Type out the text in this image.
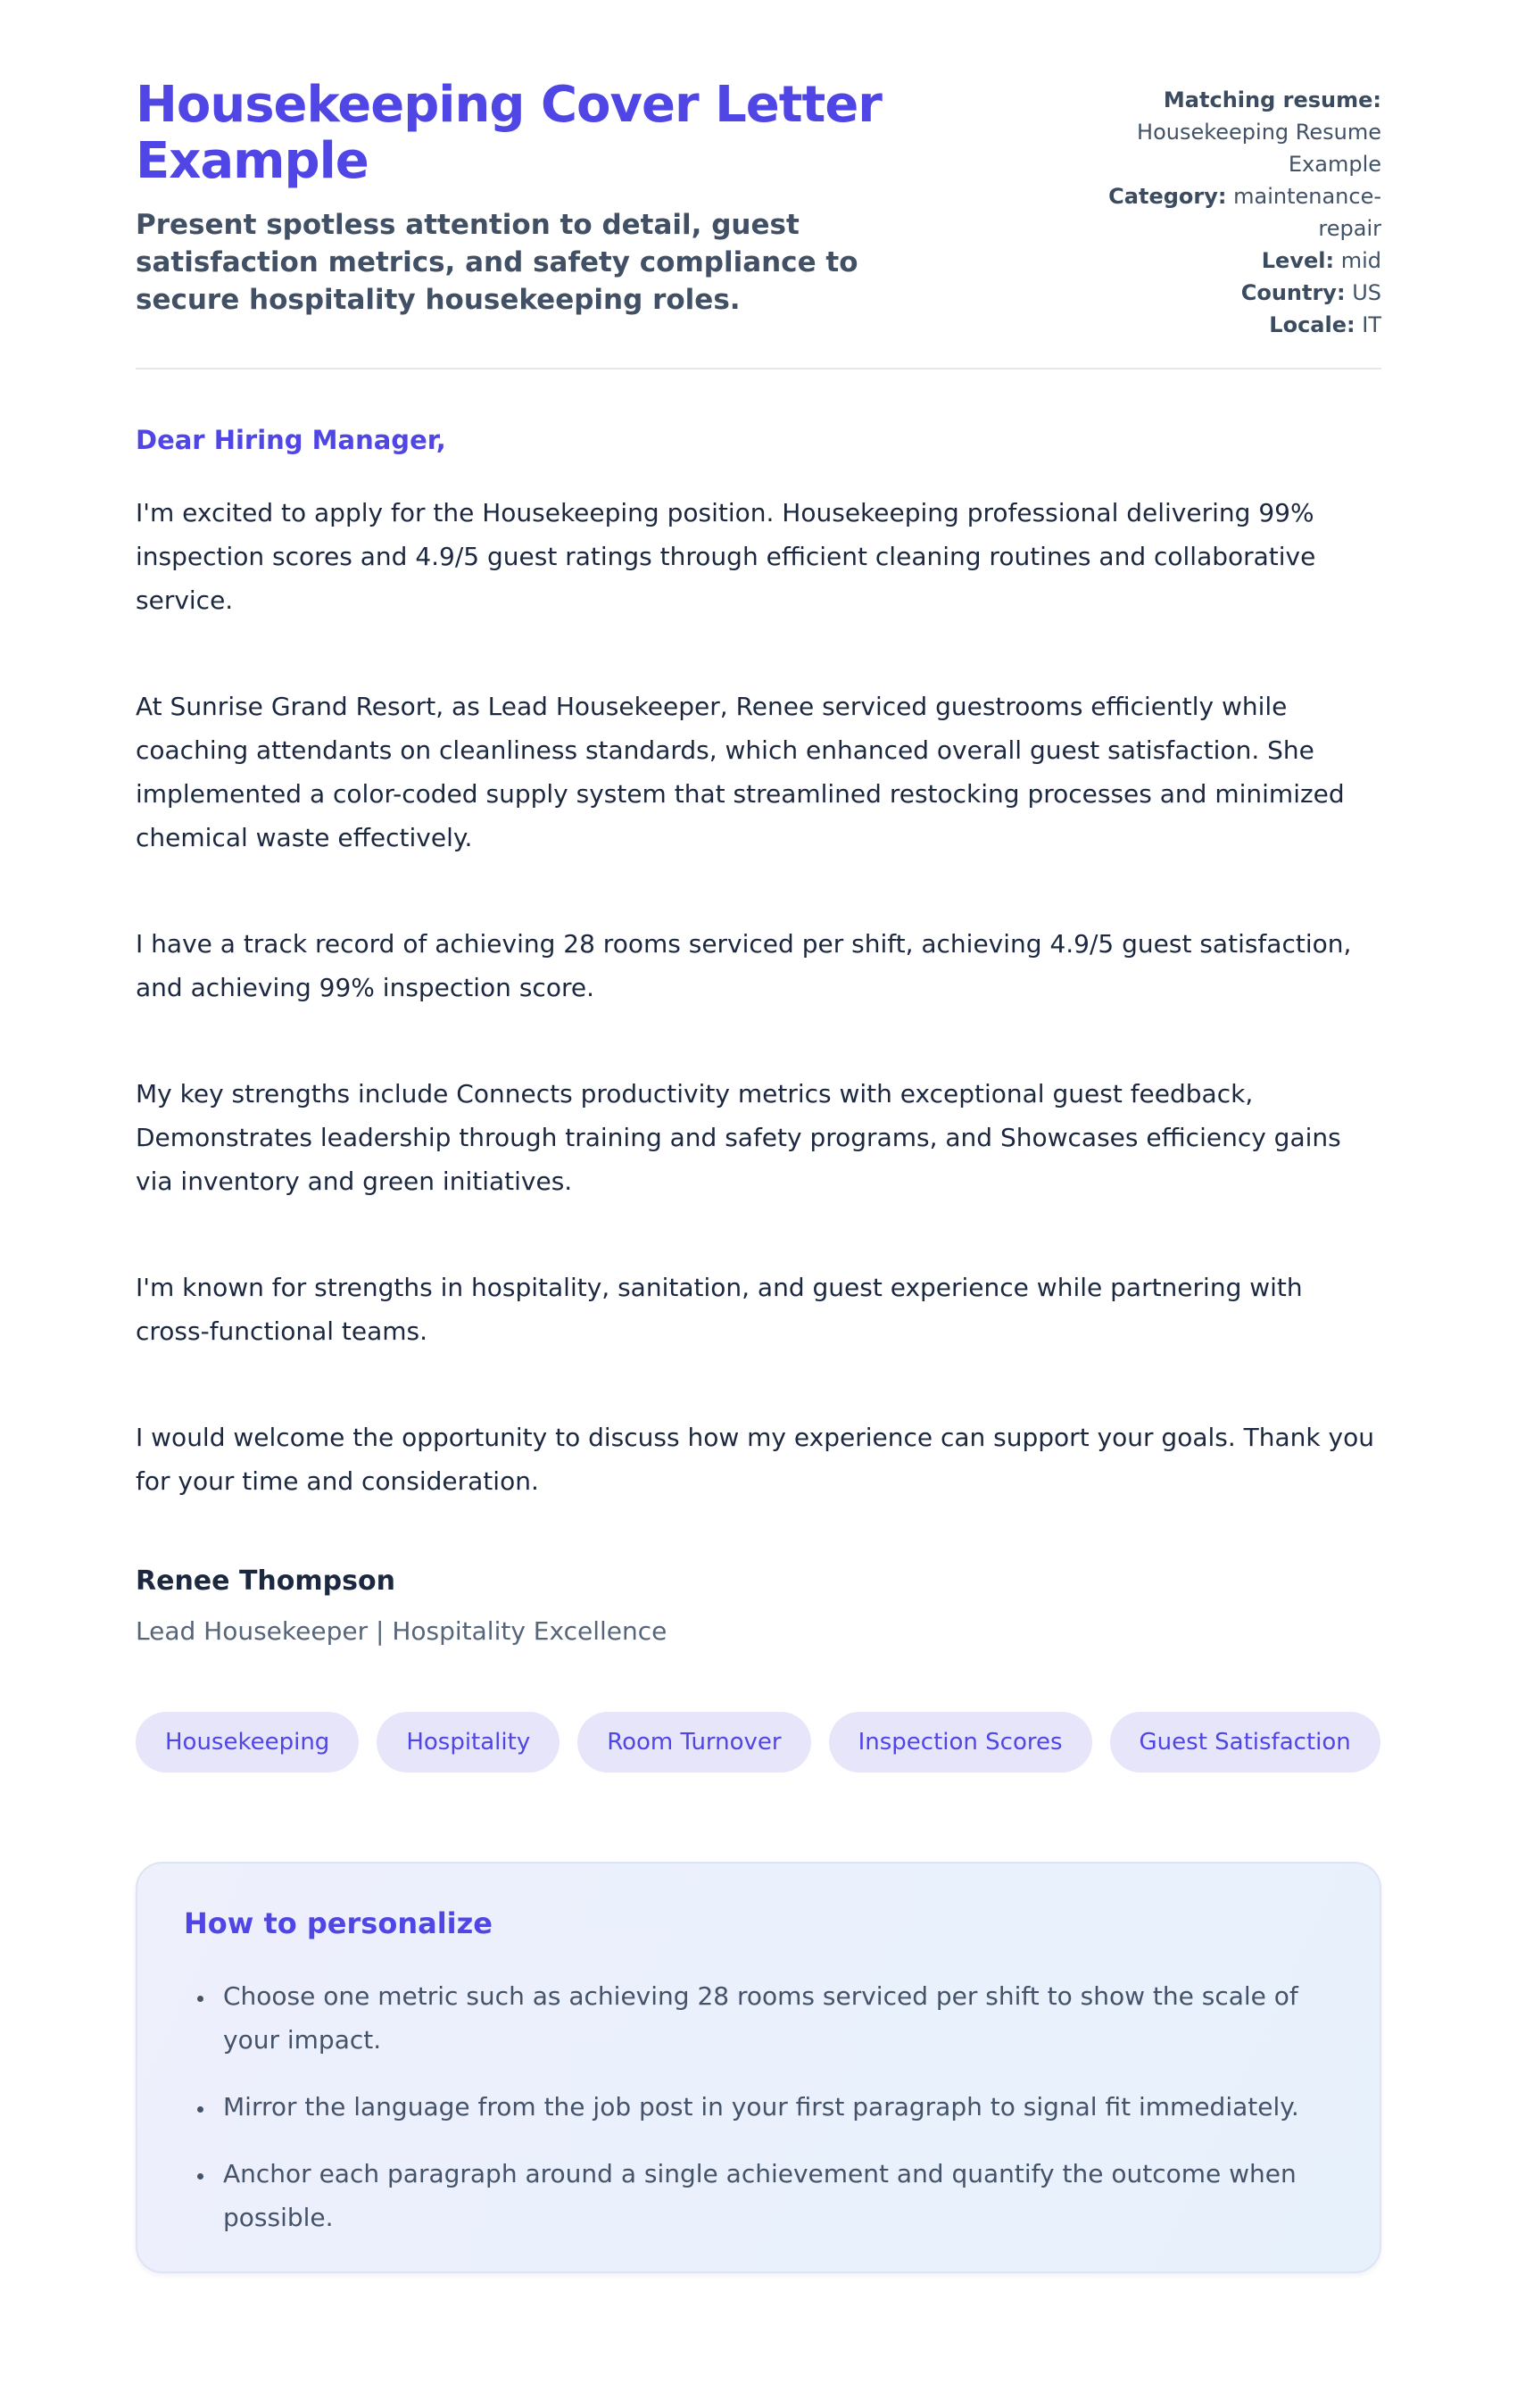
Housekeeping Cover Letter Example

Present spotless attention to detail, guest satisfaction metrics, and safety compliance to secure hospitality housekeeping roles.

Matching resume: Housekeeping Resume Example
Category: maintenance-repair
Level: mid
Country: US
Locale: IT

Dear Hiring Manager,

I'm excited to apply for the Housekeeping position. Housekeeping professional delivering 99% inspection scores and 4.9/5 guest ratings through efficient cleaning routines and collaborative service.

At Sunrise Grand Resort, as Lead Housekeeper, Renee serviced guestrooms efficiently while coaching attendants on cleanliness standards, which enhanced overall guest satisfaction. She implemented a color-coded supply system that streamlined restocking processes and minimized chemical waste effectively.

I have a track record of achieving 28 rooms serviced per shift, achieving 4.9/5 guest satisfaction, and achieving 99% inspection score.

My key strengths include Connects productivity metrics with exceptional guest feedback, Demonstrates leadership through training and safety programs, and Showcases efficiency gains via inventory and green initiatives.

I'm known for strengths in hospitality, sanitation, and guest experience while partnering with cross-functional teams.

I would welcome the opportunity to discuss how my experience can support your goals. Thank you for your time and consideration.

Renee Thompson

Lead Housekeeper | Hospitality Excellence

Housekeeping	Hospitality	Room Turnover	Inspection Scores	Guest Satisfaction
How to personalize
• Choose one metric such as achieving 28 rooms serviced per shift to show the scale of your impact.
• Mirror the language from the job post in your first paragraph to signal fit immediately.
• Anchor each paragraph around a single achievement and quantify the outcome when possible.
